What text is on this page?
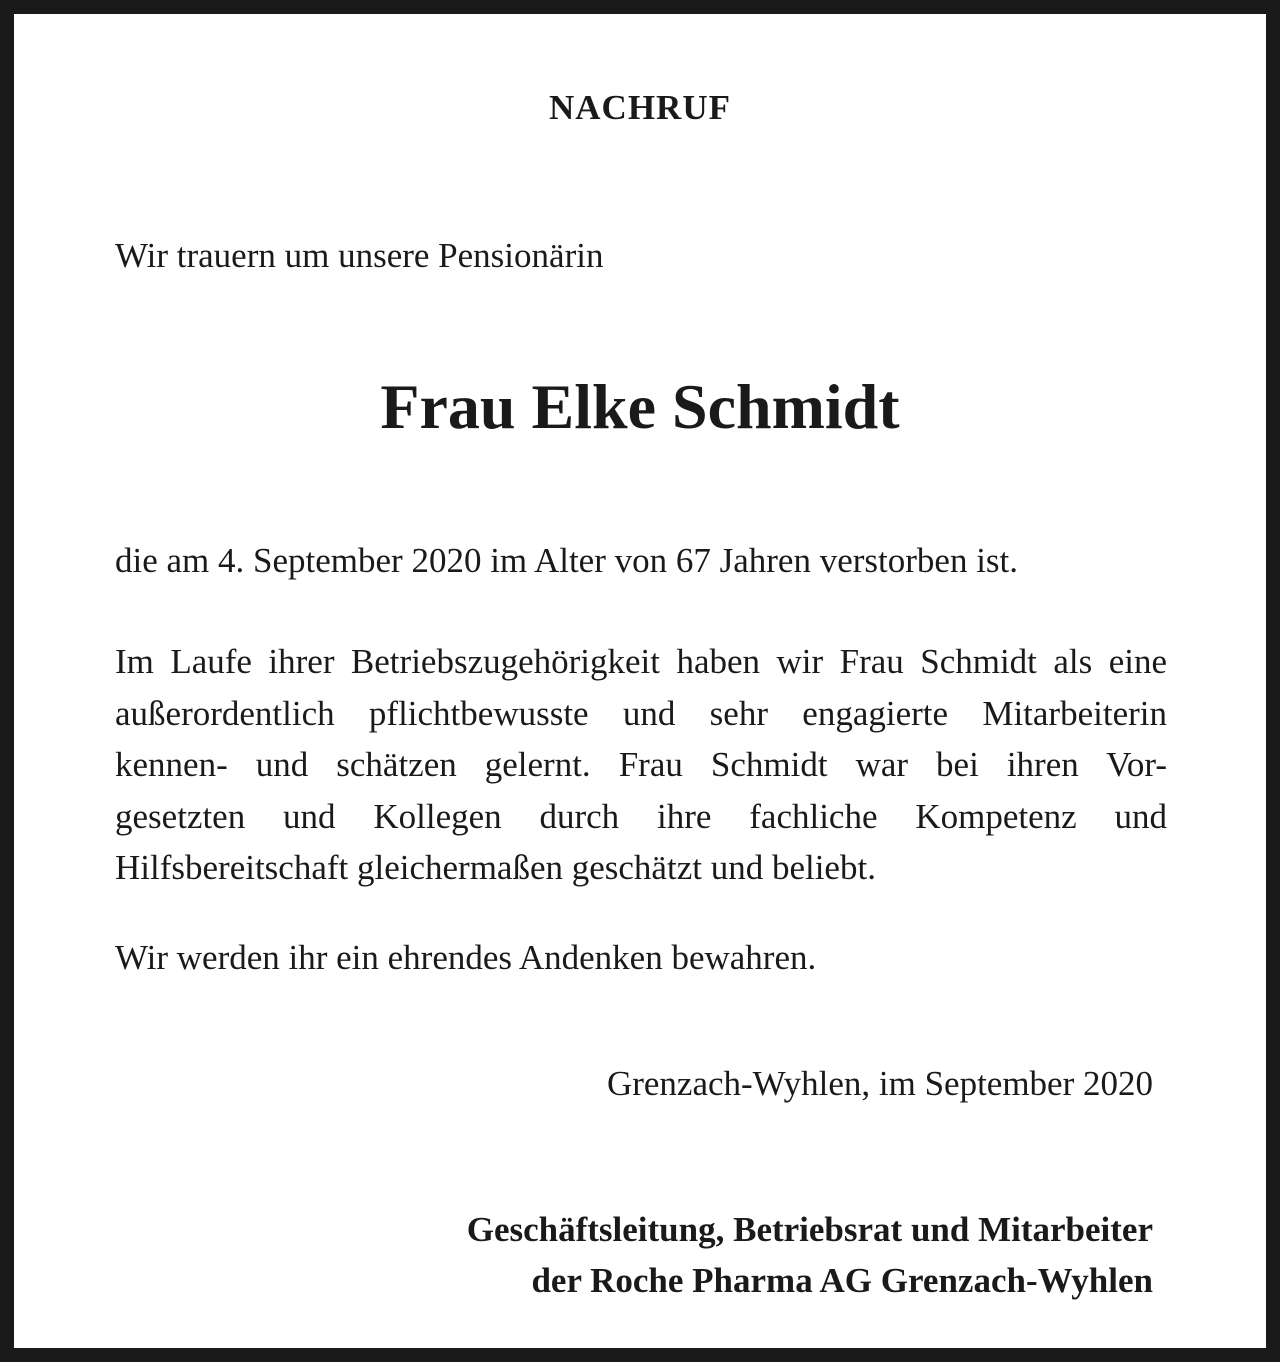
NACHRUF

Wir trauern um unsere Pensionärin

Frau Elke Schmidt

die am 4. September 2020 im Alter von 67 Jahren verstorben ist.

Im Laufe ihrer Betriebszugehörigkeit haben wir Frau Schmidt als eine
außerordentlich pflichtbewusste und sehr engagierte Mitarbeiterin
kennen- und schätzen gelernt. Frau Schmidt war bei ihren Vor-
gesetzten und Kollegen durch ihre fachliche Kompetenz und
Hilfsbereitschaft gleichermaßen geschätzt und beliebt.

Wir werden ihr ein ehrendes Andenken bewahren.

Grenzach-Wyhlen, im September 2020

Geschäftsleitung, Betriebsrat und Mitarbeiter
der Roche Pharma AG Grenzach-Wyhlen
